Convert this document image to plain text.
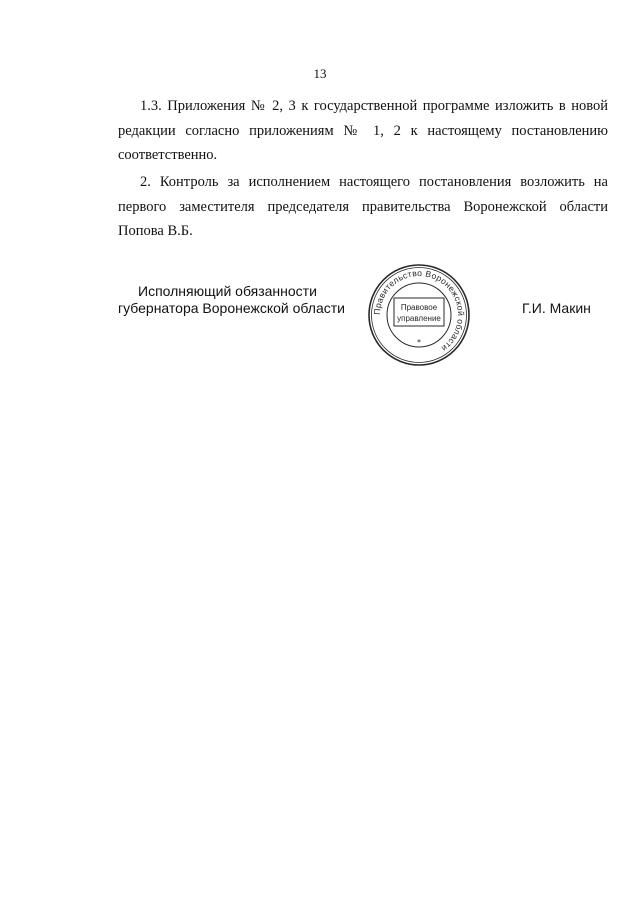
13
1.3. Приложения № 2, 3 к государственной программе изложить в новой
редакции согласно приложениям № 1, 2 к настоящему постановлению
соответственно.
2. Контроль за исполнением настоящего постановления возложить на
первого заместителя председателя правительства Воронежской области
Попова В.Б.
Исполняющий обязанности
губернатора Воронежской области	Правительство Воронежской области
Правовое
управление
*
Г.И. Макин
